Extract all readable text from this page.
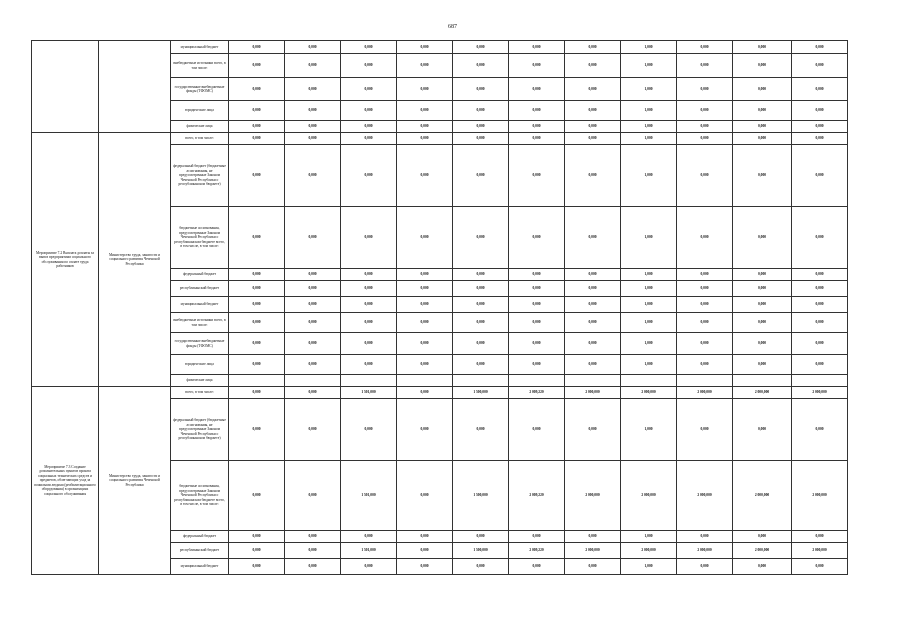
687
		муниципальный бюджет	0,000	0,000	0,000	0,000	0,000	0,000	0,000	1,000	0,000	0,000	0,000
		внебюджетные источники всего, в том числе:	0,000	0,000	0,000	0,000	0,000	0,000	0,000	1,000	0,000	0,000	0,000
		государственные внебюджетные фонды (ТФОМС)	0,000	0,000	0,000	0,000	0,000	0,000	0,000	1,000	0,000	0,000	0,000
		юридические лица	0,000	0,000	0,000	0,000	0,000	0,000	0,000	1,000	0,000	0,000	0,000
		физические лица	0,000	0,000	0,000	0,000	0,000	0,000	0,000	1,000	0,000	0,000	0,000
Мероприятие 7.2 Выплата доплаты за вывоз предприятиям социального обслуживания по оплате труда работников	Министерство труда, занятости и социального развития Чеченской Республики	всего, в том числе:	0,000	0,000	0,000	0,000	0,000	0,000	0,000	1,000	0,000	0,000	0,000
		федеральный бюджет (бюджетные ассигнования, не предусмотренные Законом Чеченской Республики о республиканском бюджете)	0,000	0,000	0,000	0,000	0,000	0,000	0,000	1,000	0,000	0,000	0,000
		бюджетные ассигнования, предусмотренные Законом Чеченской Республики о республиканском бюджете всего, в том числе, в том числе:	0,000	0,000	0,000	0,000	0,000	0,000	0,000	1,000	0,000	0,000	0,000
		федеральный бюджет	0,000	0,000	0,000	0,000	0,000	0,000	0,000	1,000	0,000	0,000	0,000
		республиканский бюджет	0,000	0,000	0,000	0,000	0,000	0,000	0,000	1,000	0,000	0,000	0,000
		муниципальный бюджет	0,000	0,000	0,000	0,000	0,000	0,000	0,000	1,000	0,000	0,000	0,000
		внебюджетные источники всего, в том числе:	0,000	0,000	0,000	0,000	0,000	0,000	0,000	1,000	0,000	0,000	0,000
		государственные внебюджетные фонды (ТФОМС)	0,000	0,000	0,000	0,000	0,000	0,000	0,000	1,000	0,000	0,000	0,000
		юридические лица	0,000	0,000	0,000	0,000	0,000	0,000	0,000	1,000	0,000	0,000	0,000
		физические лица											
Мероприятие 7.3 Создание дополнительных пунктов проката социальных технических средств и предметов, облегчающих уход за пожилыми людьми (реабилитационного оборудования) в организациях социального обслуживания	Министерство труда, занятости и социального развития Чеченской Республики	всего, в том числе:	0,000	0,000	1 501,000	0,000	1 500,000	2 009,220	2 000,000	2 000,000	2 000,000	2 000,000	2 000,000
		федеральный бюджет (бюджетные ассигнования, не предусмотренные Законом Чеченской Республики о республиканском бюджете)	0,000	0,000	0,000	0,000	0,000	0,000	0,000	1,000	0,000	0,000	0,000
		бюджетные ассигнования, предусмотренные Законом Чеченской Республики о республиканском бюджете всего, в том числе, в том числе:	0,000	0,000	1 501,000	0,000	1 500,000	2 009,220	2 000,000	2 000,000	2 000,000	2 000,000	2 000,000
		федеральный бюджет	0,000	0,000	0,000	0,000	0,000	0,000	0,000	1,000	0,000	0,000	0,000
		республиканский бюджет	0,000	0,000	1 501,000	0,000	1 500,000	2 009,220	2 000,000	2 000,000	2 000,000	2 000,000	2 000,000
		муниципальный бюджет	0,000	0,000	0,000	0,000	0,000	0,000	0,000	1,000	0,000	0,000	0,000
